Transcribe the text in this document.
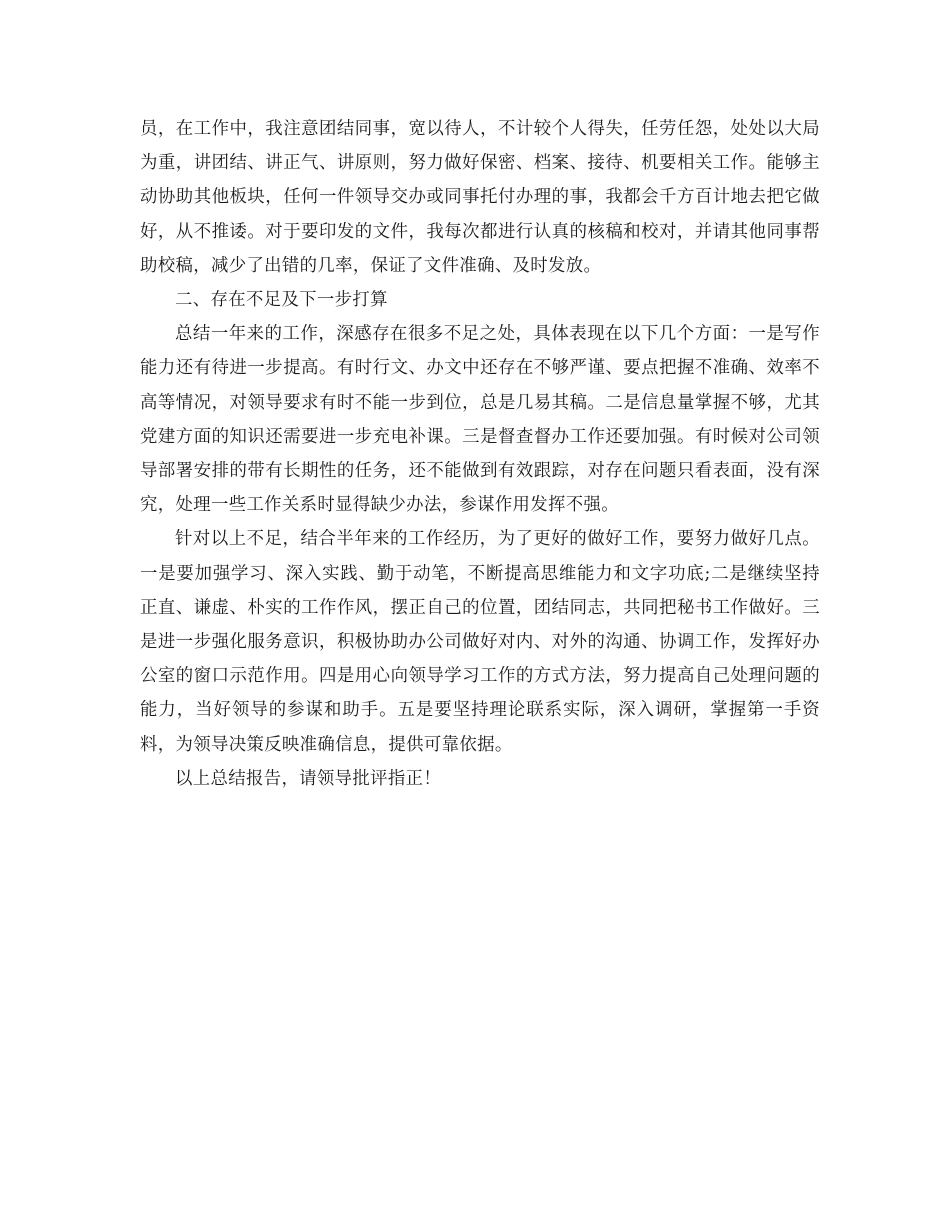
员，在工作中，我注意团结同事，宽以待人，不计较个人得失，任劳任怨，处处以大局为重，讲团结、讲正气、讲原则，努力做好保密、档案、接待、机要相关工作。能够主动协助其他板块，任何一件领导交办或同事托付办理的事，我都会千方百计地去把它做好，从不推诿。对于要印发的文件，我每次都进行认真的核稿和校对，并请其他同事帮助校稿，减少了出错的几率，保证了文件准确、及时发放。

二、存在不足及下一步打算

总结一年来的工作，深感存在很多不足之处，具体表现在以下几个方面：一是写作能力还有待进一步提高。有时行文、办文中还存在不够严谨、要点把握不准确、效率不高等情况，对领导要求有时不能一步到位，总是几易其稿。二是信息量掌握不够，尤其党建方面的知识还需要进一步充电补课。三是督查督办工作还要加强。有时候对公司领导部署安排的带有长期性的任务，还不能做到有效跟踪，对存在问题只看表面，没有深究，处理一些工作关系时显得缺少办法，参谋作用发挥不强。

针对以上不足，结合半年来的工作经历，为了更好的做好工作，要努力做好几点。一是要加强学习、深入实践、勤于动笔，不断提高思维能力和文字功底;二是继续坚持正直、谦虚、朴实的工作作风，摆正自己的位置，团结同志，共同把秘书工作做好。三是进一步强化服务意识，积极协助办公司做好对内、对外的沟通、协调工作，发挥好办公室的窗口示范作用。四是用心向领导学习工作的方式方法，努力提高自己处理问题的能力，当好领导的参谋和助手。五是要坚持理论联系实际，深入调研，掌握第一手资料，为领导决策反映准确信息，提供可靠依据。

以上总结报告，请领导批评指正！
